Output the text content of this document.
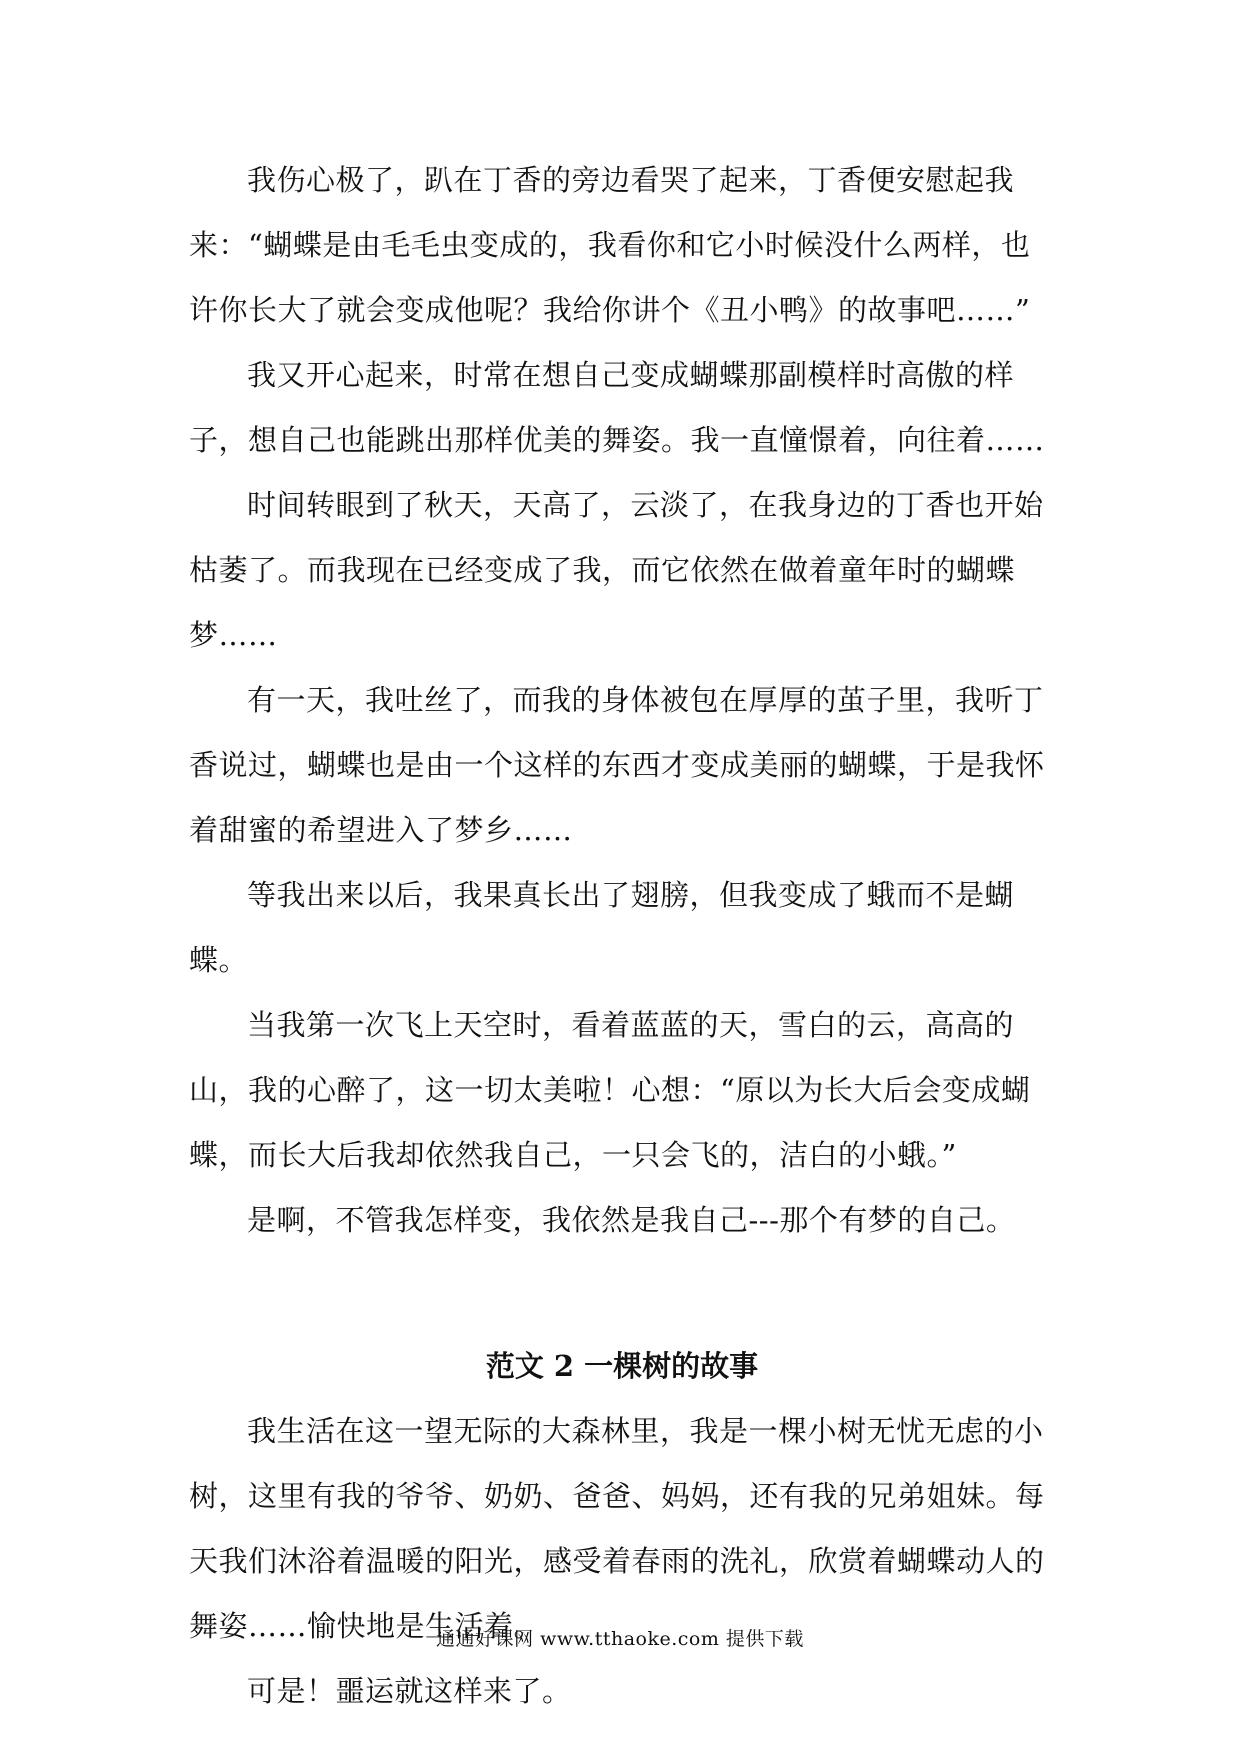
我伤心极了，趴在丁香的旁边看哭了起来，丁香便安慰起我来：“蝴蝶是由毛毛虫变成的，我看你和它小时候没什么两样，也许你长大了就会变成他呢？我给你讲个《丑小鸭》的故事吧……”

我又开心起来，时常在想自己变成蝴蝶那副模样时高傲的样子，想自己也能跳出那样优美的舞姿。我一直憧憬着，向往着……

时间转眼到了秋天，天高了，云淡了，在我身边的丁香也开始枯萎了。而我现在已经变成了我，而它依然在做着童年时的蝴蝶梦……

有一天，我吐丝了，而我的身体被包在厚厚的茧子里，我听丁香说过，蝴蝶也是由一个这样的东西才变成美丽的蝴蝶，于是我怀着甜蜜的希望进入了梦乡……

等我出来以后，我果真长出了翅膀，但我变成了蛾而不是蝴蝶。

当我第一次飞上天空时，看着蓝蓝的天，雪白的云，高高的山，我的心醉了，这一切太美啦！心想：“原以为长大后会变成蝴蝶，而长大后我却依然我自己，一只会飞的，洁白的小蛾。”

是啊，不管我怎样变，我依然是我自己---那个有梦的自己。

范文 2 一棵树的故事

我生活在这一望无际的大森林里，我是一棵小树无忧无虑的小树，这里有我的爷爷、奶奶、爸爸、妈妈，还有我的兄弟姐妹。每天我们沐浴着温暖的阳光，感受着春雨的洗礼，欣赏着蝴蝶动人的舞姿……愉快地是生活着。

可是！噩运就这样来了。

通通好课网 www.tthaoke.com 提供下载
